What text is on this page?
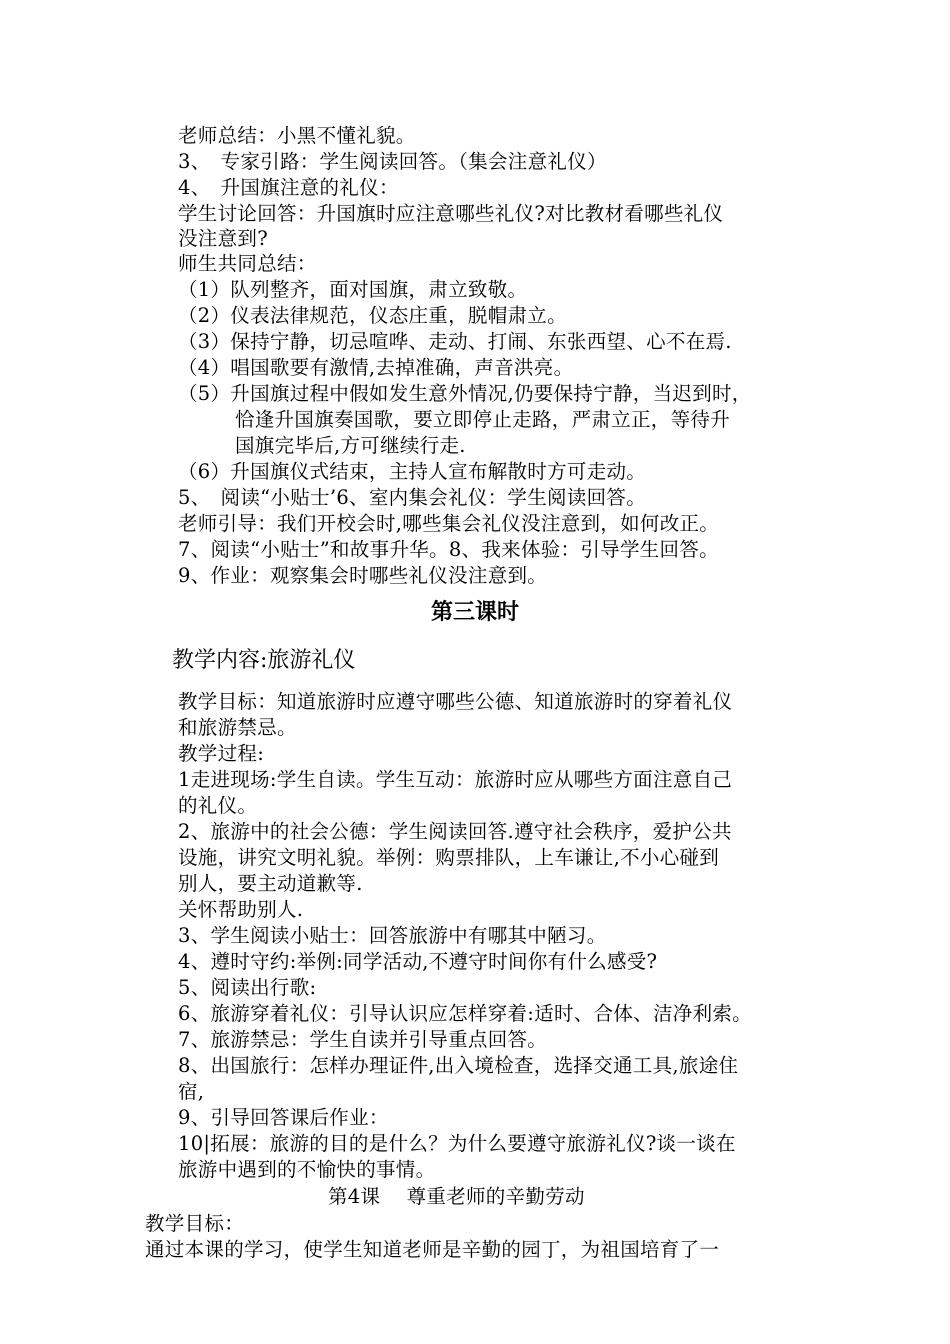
老师总结：小黑不懂礼貌。
3、　专家引路：学生阅读回答。（集会注意礼仪）
4、　升国旗注意的礼仪：
学生讨论回答：升国旗时应注意哪些礼仪?对比教材看哪些礼仪
没注意到?
师生共同总结：
（1）队列整齐，面对国旗，肃立致敬。
（2）仪表法律规范，仪态庄重，脱帽肃立。
（3）保持宁静，切忌喧哗、走动、打闹、东张西望、心不在焉.
（4）唱国歌要有激情,去掉准确，声音洪亮。
（5）升国旗过程中假如发生意外情况,仍要保持宁静，当迟到时，
恰逢升国旗奏国歌，要立即停止走路，严肃立正，等待升
国旗完毕后,方可继续行走.
（6）升国旗仪式结束，主持人宣布解散时方可走动。
5、　阅读“小贴士’6、室内集会礼仪：学生阅读回答。
老师引导：我们开校会时,哪些集会礼仪没注意到，如何改正。
7、阅读“小贴士”和故事升华。8、我来体验：引导学生回答。
9、作业：观察集会时哪些礼仪没注意到。
第三课时
教学内容:旅游礼仪
教学目标：知道旅游时应遵守哪些公德、知道旅游时的穿着礼仪
和旅游禁忌。
教学过程:
1走进现场:学生自读。学生互动：旅游时应从哪些方面注意自己
的礼仪。
2、旅游中的社会公德：学生阅读回答.遵守社会秩序，爱护公共
设施，讲究文明礼貌。举例：购票排队，上车谦让,不小心碰到
别人，要主动道歉等.
关怀帮助别人.
3、学生阅读小贴士：回答旅游中有哪其中陋习。
4、遵时守约:举例:同学活动,不遵守时间你有什么感受?
5、阅读出行歌:
6、旅游穿着礼仪：引导认识应怎样穿着:适时、合体、洁净利索。
7、旅游禁忌：学生自读并引导重点回答。
8、出国旅行：怎样办理证件,出入境检查，选择交通工具,旅途住
宿,
9、引导回答课后作业：
10|拓展：旅游的目的是什么？为什么要遵守旅游礼仪?谈一谈在
旅游中遇到的不愉快的事情。
第4课　 尊重老师的辛勤劳动
教学目标：
通过本课的学习，使学生知道老师是辛勤的园丁，为祖国培育了一
